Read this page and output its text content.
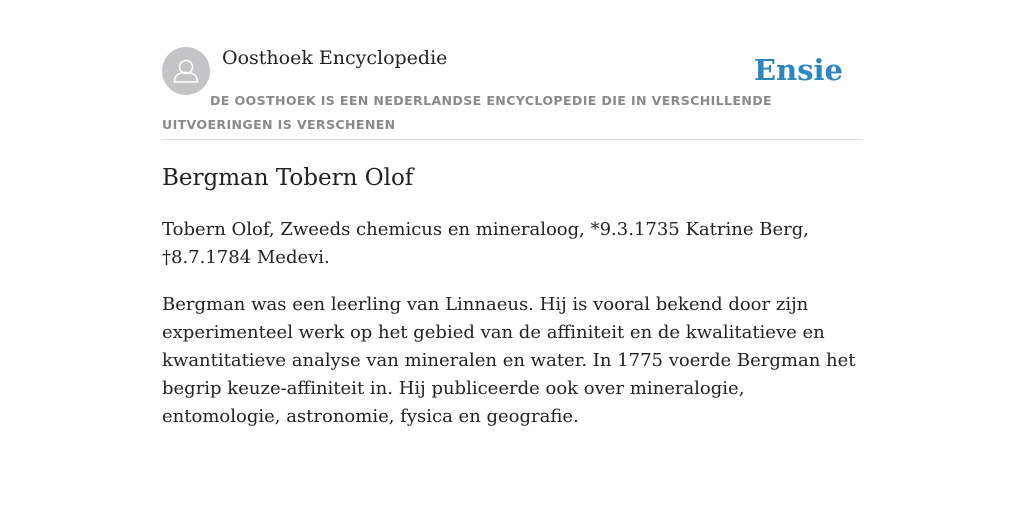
Oosthoek Encyclopedie	Ensie

DE OOSTHOEK IS EEN NEDERLANDSE ENCYCLOPEDIE DIE IN VERSCHILLENDE UITVOERINGEN IS VERSCHENEN

Bergman Tobern Olof

Tobern Olof, Zweeds chemicus en mineraloog, *9.3.1735 Katrine Berg, †8.7.1784 Medevi.

Bergman was een leerling van Linnaeus. Hij is vooral bekend door zijn experimenteel werk op het gebied van de affiniteit en de kwalitatieve en kwantitatieve analyse van mineralen en water. In 1775 voerde Bergman het begrip keuze-affiniteit in. Hij publiceerde ook over mineralogie, entomologie, astronomie, fysica en geografie.
